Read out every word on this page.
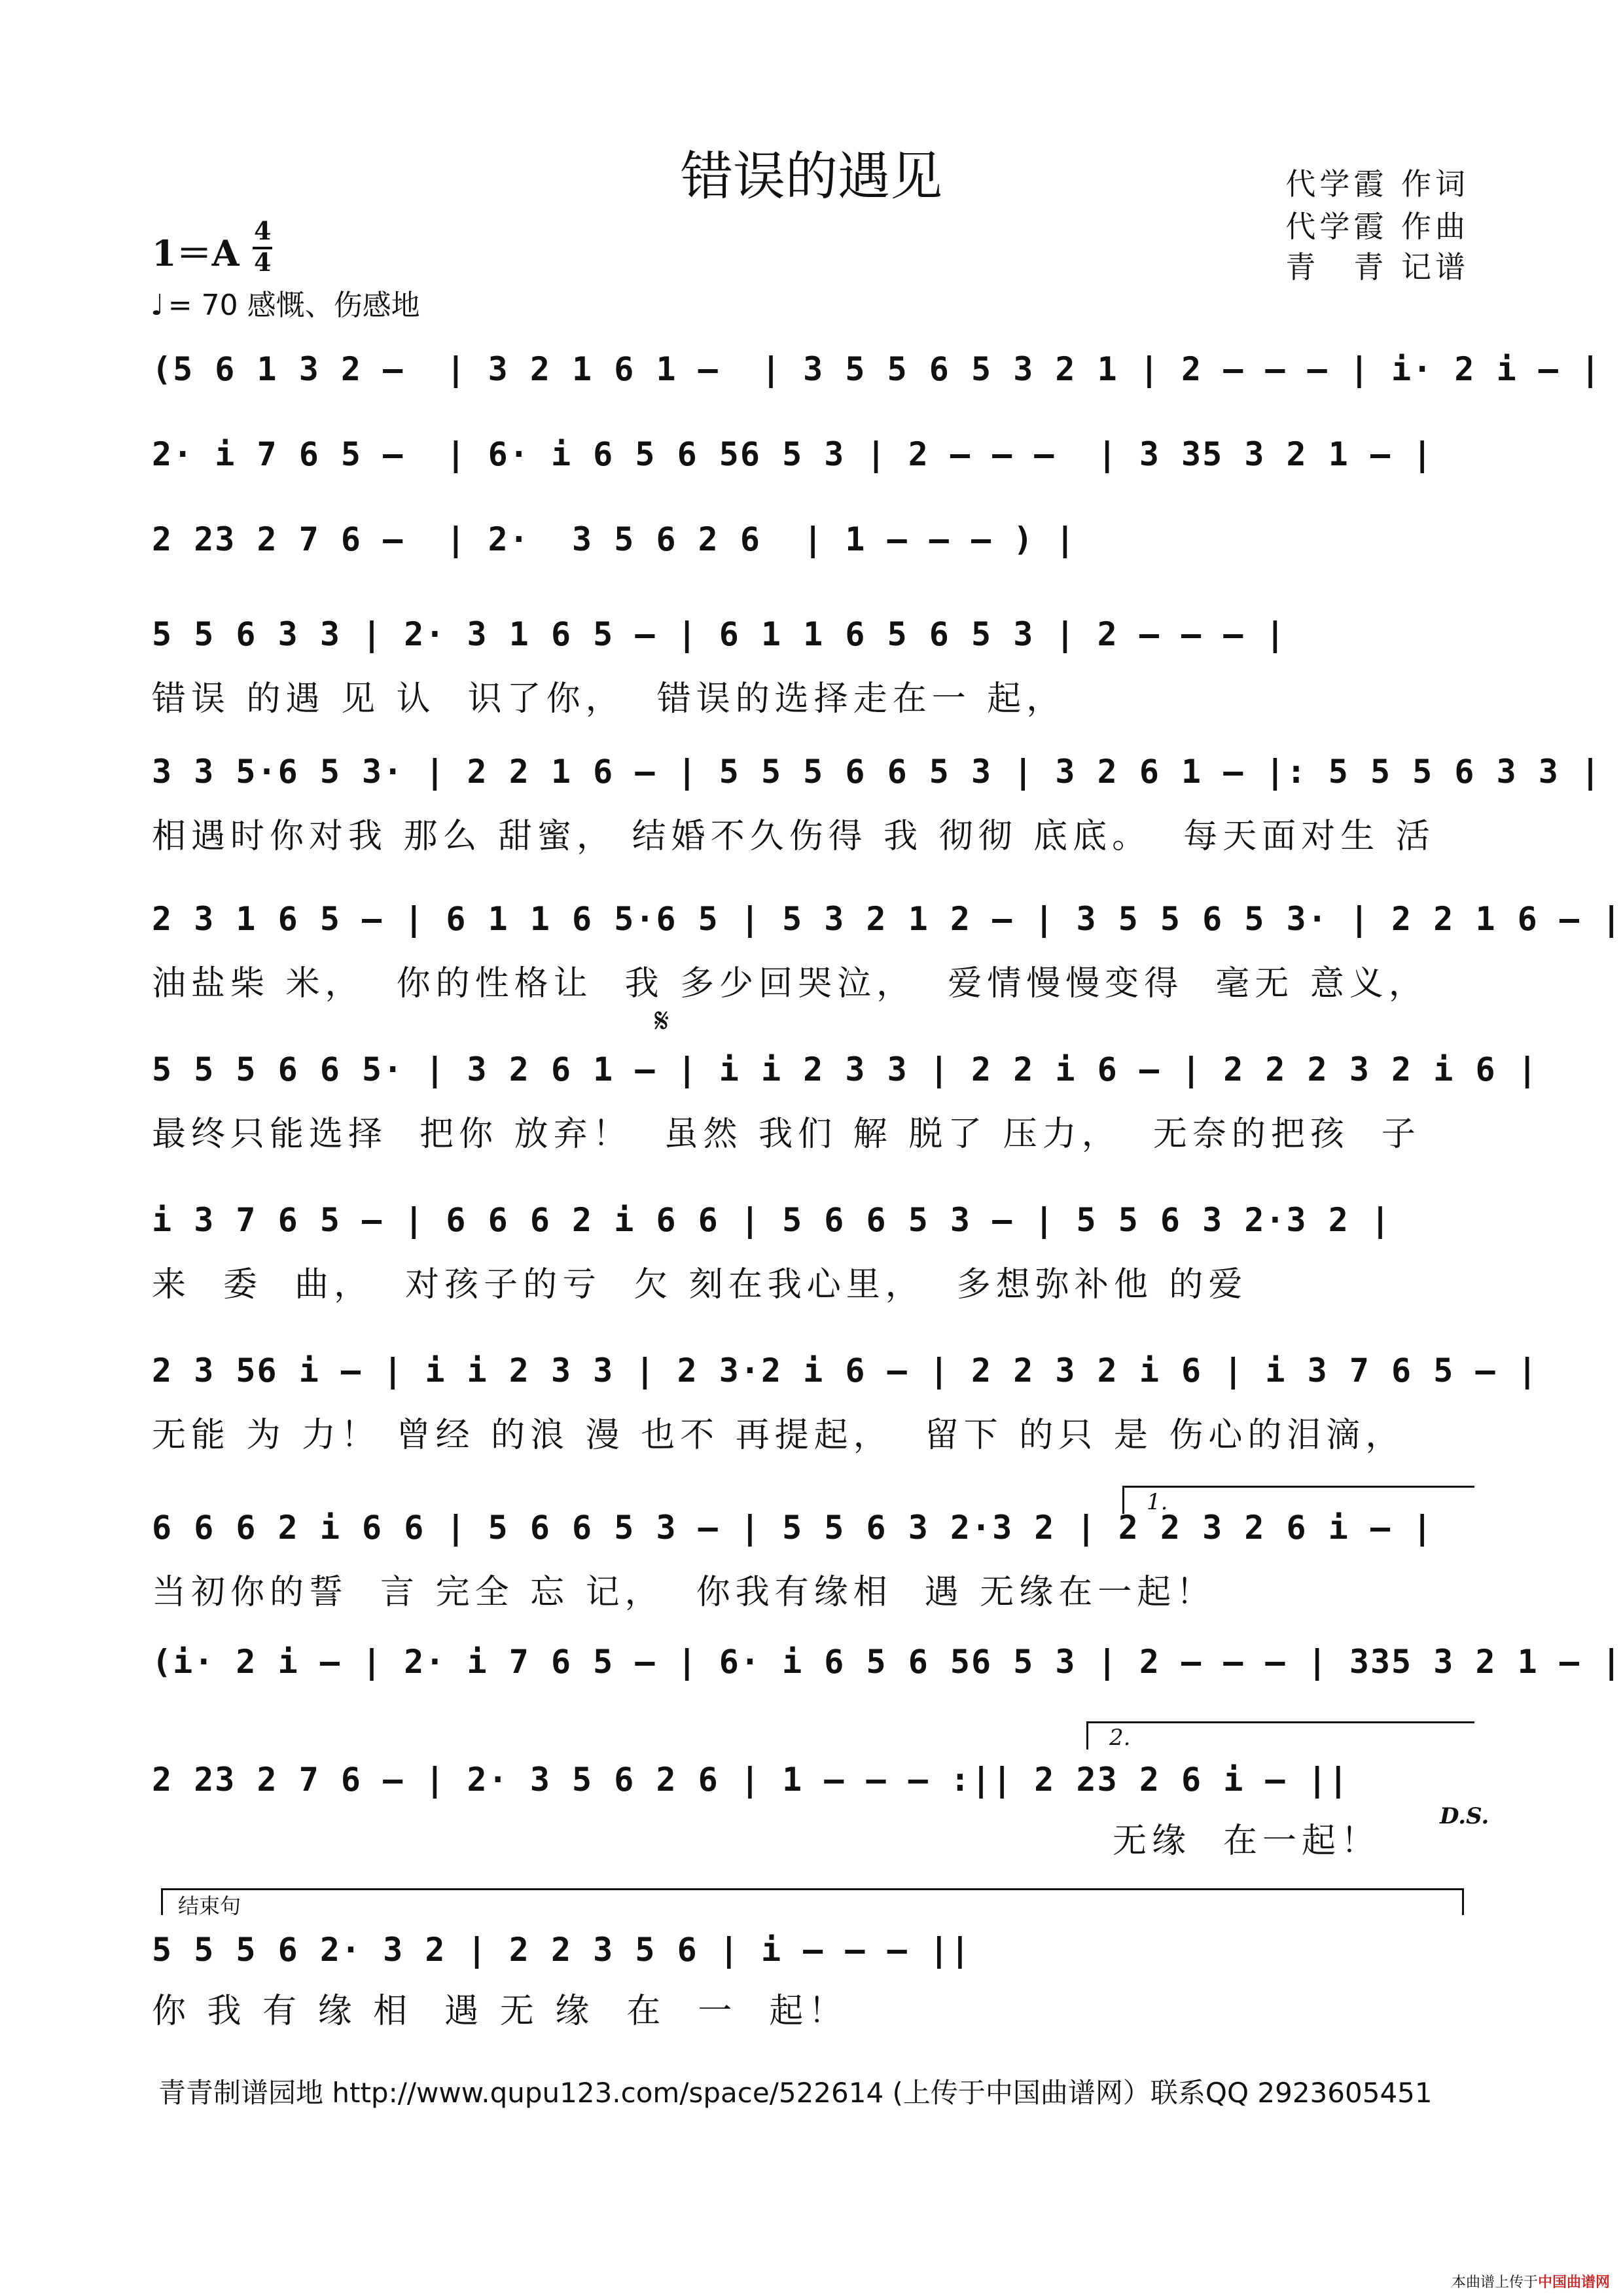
错误的遇见	代学霞 作词
代学霞 作曲
青　青 记谱
1＝A
4
4
♩ = 70 感慨、伤感地
(5 6 1 3 2 –  | 3 2 1 6 1 –  | 3 5 5 6 5 3 2 1 | 2 – – – | i· 2 i – |
2· i 7 6 5 –  | 6· i 6 5 6 56 5 3 | 2 – – –  | 3 35 3 2 1 – |
2 23 2 7 6 –  | 2·  3 5 6 2 6  | 1 – – – ) |
5 5 6 3 3 | 2· 3 1 6 5 – | 6 1 1 6 5 6 5 3 | 2 – – – |
错误 的遇 见 认  识了你，  错误的选择走在一 起，
3 3 5·6 5 3· | 2 2 1 6 – | 5 5 5 6 6 5 3 | 3 2 6 1 – |: 5 5 5 6 3 3 |
相遇时你对我 那么 甜蜜， 结婚不久伤得 我 彻彻 底底。  每天面对生 活
2 3 1 6 5 – | 6 1 1 6 5·6 5 | 5 3 2 1 2 – | 3 5 5 6 5 3· | 2 2 1 6 – |
油盐柴 米，  你的性格让  我 多少回哭泣，  爱情慢慢变得  毫无 意义，
𝄋
5 5 5 6 6 5· | 3 2 6 1 – | i i 2 3 3 | 2 2 i 6 – | 2 2 2 3 2 i 6 |
最终只能选择  把你 放弃！  虽然 我们 解 脱了 压力，  无奈的把孩  子
i 3 7 6 5 – | 6 6 6 2 i 6 6 | 5 6 6 5 3 – | 5 5 6 3 2·3 2 |
来  委  曲，  对孩子的亏  欠 刻在我心里，  多想弥补他 的爱
2 3 56 i – | i i 2 3 3 | 2 3·2 i 6 – | 2 2 3 2 i 6 | i 3 7 6 5 – |
无能 为 力！ 曾经 的浪 漫 也不 再提起，  留下 的只 是 伤心的泪滴，
1.
6 6 6 2 i 6 6 | 5 6 6 5 3 – | 5 5 6 3 2·3 2 | 2 2 3 2 6 i – |
当初你的誓  言 完全 忘 记，  你我有缘相  遇 无缘在一起！
(i· 2 i – | 2· i 7 6 5 – | 6· i 6 5 6 56 5 3 | 2 – – – | 335 3 2 1 – |
2.
2 23 2 7 6 – | 2· 3 5 6 2 6 | 1 – – – :|| 2 23 2 6 i – ||
无缘  在一起！
D.S.
结束句
5 5 5 6 2· 3 2 | 2 2 3 5 6 | i – – – ||
你 我 有 缘 相  遇 无 缘  在  一  起！
青青制谱园地 http://www.qupu123.com/space/522614 (上传于中国曲谱网）联系QQ 2923605451
本曲谱上传于中国曲谱网
